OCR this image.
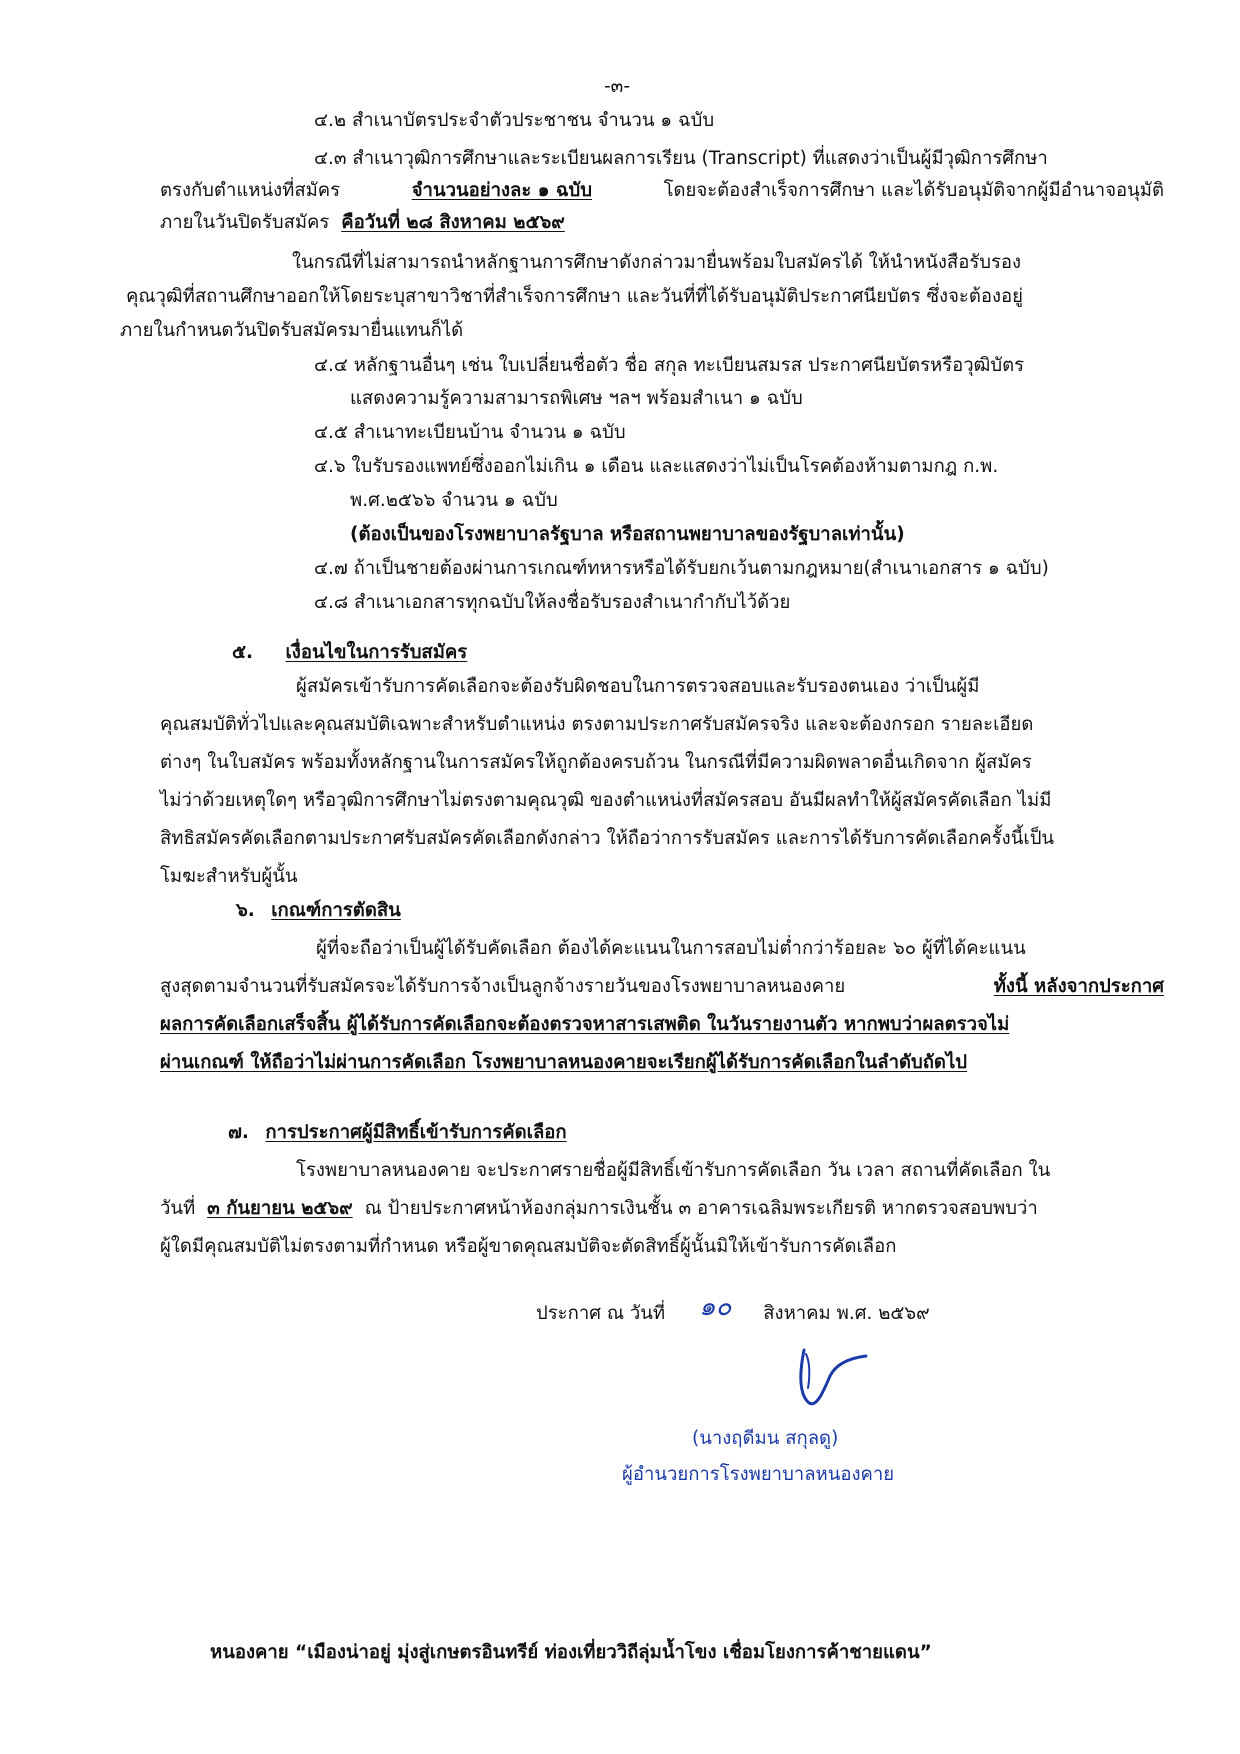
-๓-
๔.๒ สำเนาบัตรประจำตัวประชาชน จำนวน ๑ ฉบับ
๔.๓ สำเนาวุฒิการศึกษาและระเบียนผลการเรียน (Transcript) ที่แสดงว่าเป็นผู้มีวุฒิการศึกษา
ตรงกับตำแหน่งที่สมัคร	จำนวนอย่างละ ๑ ฉบับ	โดยจะต้องสำเร็จการศึกษา และได้รับอนุมัติจากผู้มีอำนาจอนุมัติ
ภายในวันปิดรับสมัคร คือวันที่ ๒๘ สิงหาคม ๒๕๖๙
ในกรณีที่ไม่สามารถนำหลักฐานการศึกษาดังกล่าวมายื่นพร้อมใบสมัครได้ ให้นำหนังสือรับรอง
คุณวุฒิที่สถานศึกษาออกให้โดยระบุสาขาวิชาที่สำเร็จการศึกษา และวันที่ที่ได้รับอนุมัติประกาศนียบัตร ซึ่งจะต้องอยู่
ภายในกำหนดวันปิดรับสมัครมายื่นแทนก็ได้
๔.๔ หลักฐานอื่นๆ เช่น ใบเปลี่ยนชื่อตัว ชื่อ สกุล ทะเบียนสมรส ประกาศนียบัตรหรือวุฒิบัตร
แสดงความรู้ความสามารถพิเศษ ฯลฯ พร้อมสำเนา ๑ ฉบับ
๔.๕ สำเนาทะเบียนบ้าน จำนวน ๑ ฉบับ
๔.๖ ใบรับรองแพทย์ซึ่งออกไม่เกิน ๑ เดือน และแสดงว่าไม่เป็นโรคต้องห้ามตามกฎ ก.พ.
พ.ศ.๒๕๖๖ จำนวน ๑ ฉบับ
(ต้องเป็นของโรงพยาบาลรัฐบาล หรือสถานพยาบาลของรัฐบาลเท่านั้น)
๔.๗ ถ้าเป็นชายต้องผ่านการเกณฑ์ทหารหรือได้รับยกเว้นตามกฎหมาย(สำเนาเอกสาร ๑ ฉบับ)
๔.๘ สำเนาเอกสารทุกฉบับให้ลงชื่อรับรองสำเนากำกับไว้ด้วย
๕. เงื่อนไขในการรับสมัคร
ผู้สมัครเข้ารับการคัดเลือกจะต้องรับผิดชอบในการตรวจสอบและรับรองตนเอง ว่าเป็นผู้มี
คุณสมบัติทั่วไปและคุณสมบัติเฉพาะสำหรับตำแหน่ง ตรงตามประกาศรับสมัครจริง และจะต้องกรอก รายละเอียด
ต่างๆ ในใบสมัคร พร้อมทั้งหลักฐานในการสมัครให้ถูกต้องครบถ้วน ในกรณีที่มีความผิดพลาดอื่นเกิดจาก ผู้สมัคร
ไม่ว่าด้วยเหตุใดๆ หรือวุฒิการศึกษาไม่ตรงตามคุณวุฒิ ของตำแหน่งที่สมัครสอบ อันมีผลทำให้ผู้สมัครคัดเลือก ไม่มี
สิทธิสมัครคัดเลือกตามประกาศรับสมัครคัดเลือกดังกล่าว ให้ถือว่าการรับสมัคร และการได้รับการคัดเลือกครั้งนี้เป็น
โมฆะสำหรับผู้นั้น
๖. เกณฑ์การตัดสิน
ผู้ที่จะถือว่าเป็นผู้ได้รับคัดเลือก ต้องได้คะแนนในการสอบไม่ต่ำกว่าร้อยละ ๖๐ ผู้ที่ได้คะแนน
สูงสุดตามจำนวนที่รับสมัครจะได้รับการจ้างเป็นลูกจ้างรายวันของโรงพยาบาลหนองคาย	ทั้งนี้ หลังจากประกาศ
ผลการคัดเลือกเสร็จสิ้น ผู้ได้รับการคัดเลือกจะต้องตรวจหาสารเสพติด ในวันรายงานตัว หากพบว่าผลตรวจไม่
ผ่านเกณฑ์ ให้ถือว่าไม่ผ่านการคัดเลือก โรงพยาบาลหนองคายจะเรียกผู้ได้รับการคัดเลือกในลำดับถัดไป
๗. การประกาศผู้มีสิทธิ์เข้ารับการคัดเลือก
โรงพยาบาลหนองคาย จะประกาศรายชื่อผู้มีสิทธิ์เข้ารับการคัดเลือก วัน เวลา สถานที่คัดเลือก ใน
วันที่ ๓ กันยายน ๒๕๖๙ ณ ป้ายประกาศหน้าห้องกลุ่มการเงินชั้น ๓ อาคารเฉลิมพระเกียรติ หากตรวจสอบพบว่า
ผู้ใดมีคุณสมบัติไม่ตรงตามที่กำหนด หรือผู้ขาดคุณสมบัติจะตัดสิทธิ์ผู้นั้นมิให้เข้ารับการคัดเลือก
ประกาศ ณ วันที่ ๑๐ สิงหาคม พ.ศ. ๒๕๖๙
(นางฤดีมน สกุลดู)
ผู้อำนวยการโรงพยาบาลหนองคาย
หนองคาย “เมืองน่าอยู่ มุ่งสู่เกษตรอินทรีย์ ท่องเที่ยววิถีลุ่มน้ำโขง เชื่อมโยงการค้าชายแดน”
